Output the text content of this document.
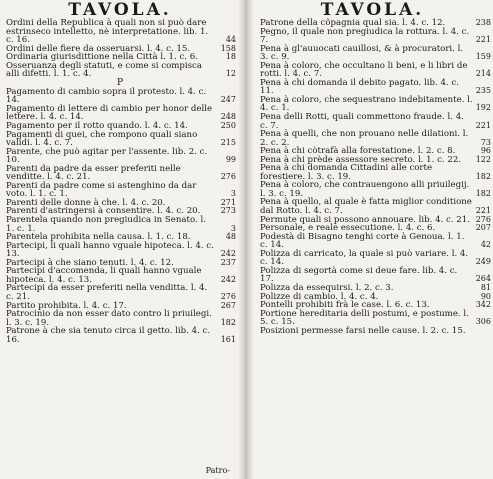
TAVOLA.
Ordini della Republica à quali non si può dare estrinseco intelletto, nè interpretatione. lib. 1. c. 16.	44
Ordini delle fiere da osseruarsi. l. 4. c. 15.	158
Ordinaria giurisdittione nella Città l. 1. c. 6.	18
Osseruanza degli statuti, e come si compisca alli difetti. l. 1. c. 4.	12
P
Pagamento di cambio sopra il protesto. l. 4. c. 14.	247
Pagamento di lettere di cambio per honor delle lettere. l. 4. c. 14.	248
Pagamento per il rotto quando. l. 4. c. 14.	250
Pagamenti di quei, che rompono quali siano validi. l. 4. c. 7.	215
Parente, che può agitar per l'assente. lib. 2. c. 10.	99
Parenti da padre da esser preferiti nelle venditte. l. 4. c. 21.	276
Parenti da padre come si astenghino da dar voto. l. 1. c. 1.	3
Parenti delle donne à che. l. 4. c. 20.	271
Parenti d'astringersi à consentire. l. 4. c. 20.	273
Parentela quando non pregiudica in Senato. l. 1. c. 1.	3
Parentela prohibita nella causa. l. 1. c. 18.	48
Partecipi, li quali hanno vguale hipoteca. l. 4. c. 13.	242
Partecipi à che siano tenuti. l. 4. c. 12.	237
Partecipi d'accomenda, li quali hanno vguale hipoteca. l. 4. c. 13.	242
Partecipi da esser preferiti nella venditta. l. 4. c. 21.	276
Partito prohibita. l. 4. c. 17.	267
Patrocinio da non esser dato contro li priuilegi. l. 3. c. 19.	182
Patrone à che sia tenuto circa il getto. lib. 4. c. 16.	161
Patro-
TAVOLA.
Patrone della cõpagnia qual sia. l. 4. c. 12.	238
Pegno, il quale non pregiudica la rottura. l. 4. c. 7.	221
Pena à gl'auuocati cauillosi, & à procuratori. l. 3. c. 9.	159
Pena à coloro, che occultano li beni, e li libri de rotti. l. 4. c. 7.	214
Pena à chi domanda il debito pagato. lib. 4. c. 11.	235
Pena à coloro, che sequestrano indebitamente. l. 4. c. 1.	192
Pena delli Rotti, quali commettono fraude. l. 4. c. 7.	221
Pena à quelli, che non prouano nelle dilationi. l. 2. c. 2.	73
Pena à chi còtrafà alla forestatione. l. 2. c. 8.	96
Pena à chi prède assessore secreto. l. 1. c. 22.	122
Pena à chi domanda Cittadini alle corte forestiere. l. 3. c. 19.	182
Pena à coloro, che contrauengono alli priuilegij. l. 3. c. 19.	182
Pena à quello, al quale è fatta miglior conditione dal Rotto. l. 4. c. 7.	221
Permute quali si possono annouare. lib. 4. c. 21. 276
Personale, e reale essecutione. l. 4. c. 6.	207
Podestà di Bisagno tenghi corte à Genoua. l. 1. c. 14.	42
Polizza di carricato, la quale si può variare. l. 4. c. 14.	249
Polizza di segortà come si deue fare. lib. 4. c. 17.	264
Polizza da essequirsi. l. 2. c. 3.	81
Polizze di cambio. l. 4. c. 4.	90
Pontelli prohibiti frà le case. l. 6. c. 13.	342
Portione hereditaria delli postumi, e postume. l. 5. c. 15.	306
Posizioni permesse farsi nelle cause. l. 2. c. 15.
